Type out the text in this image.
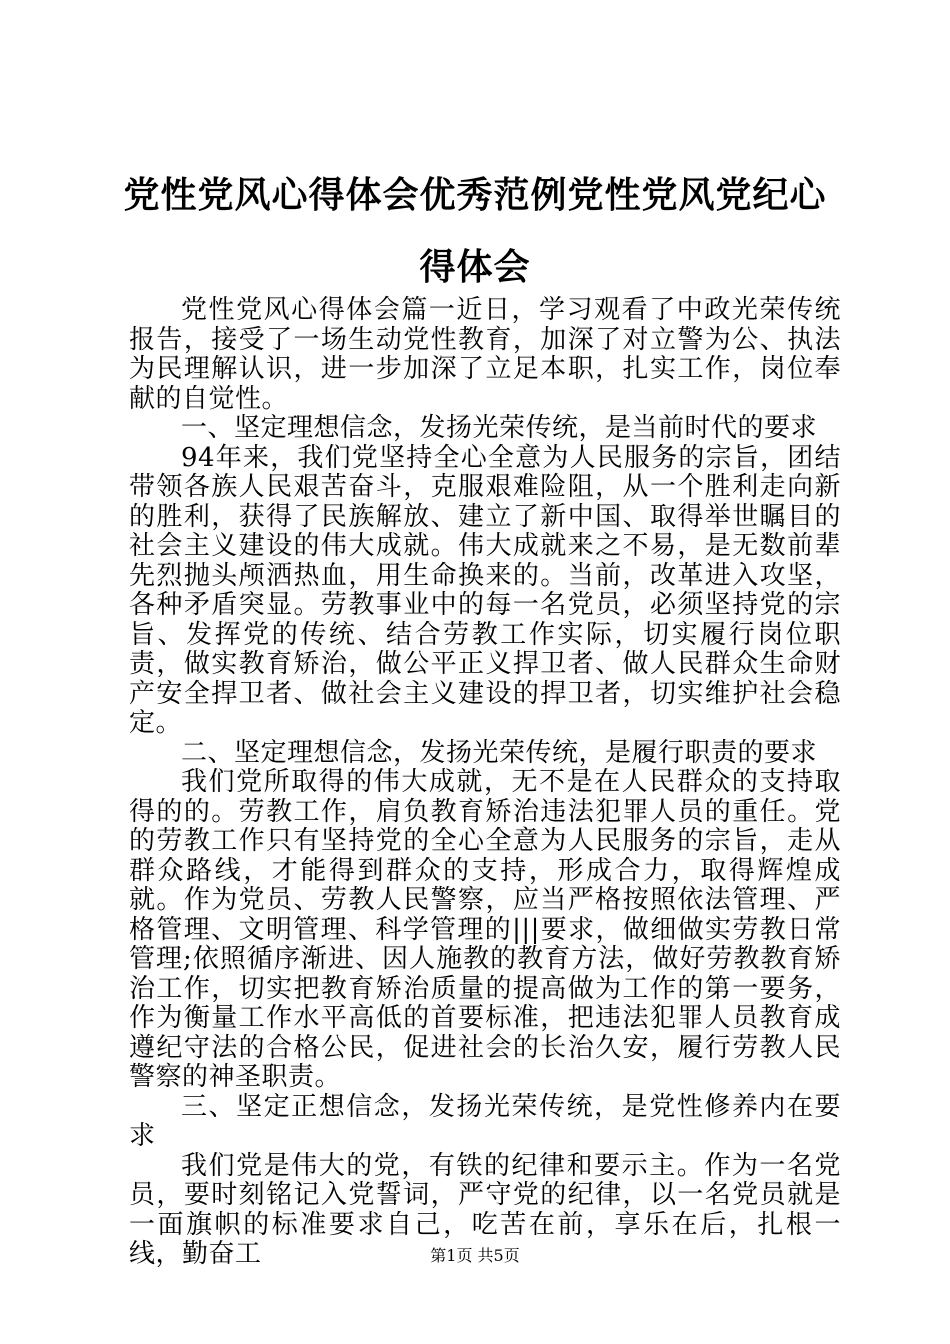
党性党风心得体会优秀范例党性党风党纪心得体会

党性党风心得体会篇一近日，学习观看了中政光荣传统报告，接受了一场生动党性教育，加深了对立警为公、执法为民理解认识，进一步加深了立足本职，扎实工作，岗位奉献的自觉性。

一、坚定理想信念，发扬光荣传统，是当前时代的要求

94年来，我们党坚持全心全意为人民服务的宗旨，团结带领各族人民艰苦奋斗，克服艰难险阻，从一个胜利走向新的胜利，获得了民族解放、建立了新中国、取得举世瞩目的社会主义建设的伟大成就。伟大成就来之不易，是无数前辈先烈抛头颅洒热血，用生命换来的。当前，改革进入攻坚，各种矛盾突显。劳教事业中的每一名党员，必须坚持党的宗旨、发挥党的传统、结合劳教工作实际，切实履行岗位职责，做实教育矫治，做公平正义捍卫者、做人民群众生命财产安全捍卫者、做社会主义建设的捍卫者，切实维护社会稳定。

二、坚定理想信念，发扬光荣传统，是履行职责的要求

我们党所取得的伟大成就，无不是在人民群众的支持取得的的。劳教工作，肩负教育矫治违法犯罪人员的重任。党的劳教工作只有坚持党的全心全意为人民服务的宗旨，走从群众路线，才能得到群众的支持，形成合力，取得辉煌成就。作为党员、劳教人民警察，应当严格按照依法管理、严格管理、文明管理、科学管理的|||要求，做细做实劳教日常管理;依照循序渐进、因人施教的教育方法，做好劳教教育矫治工作，切实把教育矫治质量的提高做为工作的第一要务，作为衡量工作水平高低的首要标准，把违法犯罪人员教育成遵纪守法的合格公民，促进社会的长治久安，履行劳教人民警察的神圣职责。

三、坚定正想信念，发扬光荣传统，是党性修养内在要求

我们党是伟大的党，有铁的纪律和要示主。作为一名党员，要时刻铭记入党誓词，严守党的纪律，以一名党员就是一面旗帜的标准要求自己，吃苦在前，享乐在后，扎根一线，勤奋工	第1页 共5页
